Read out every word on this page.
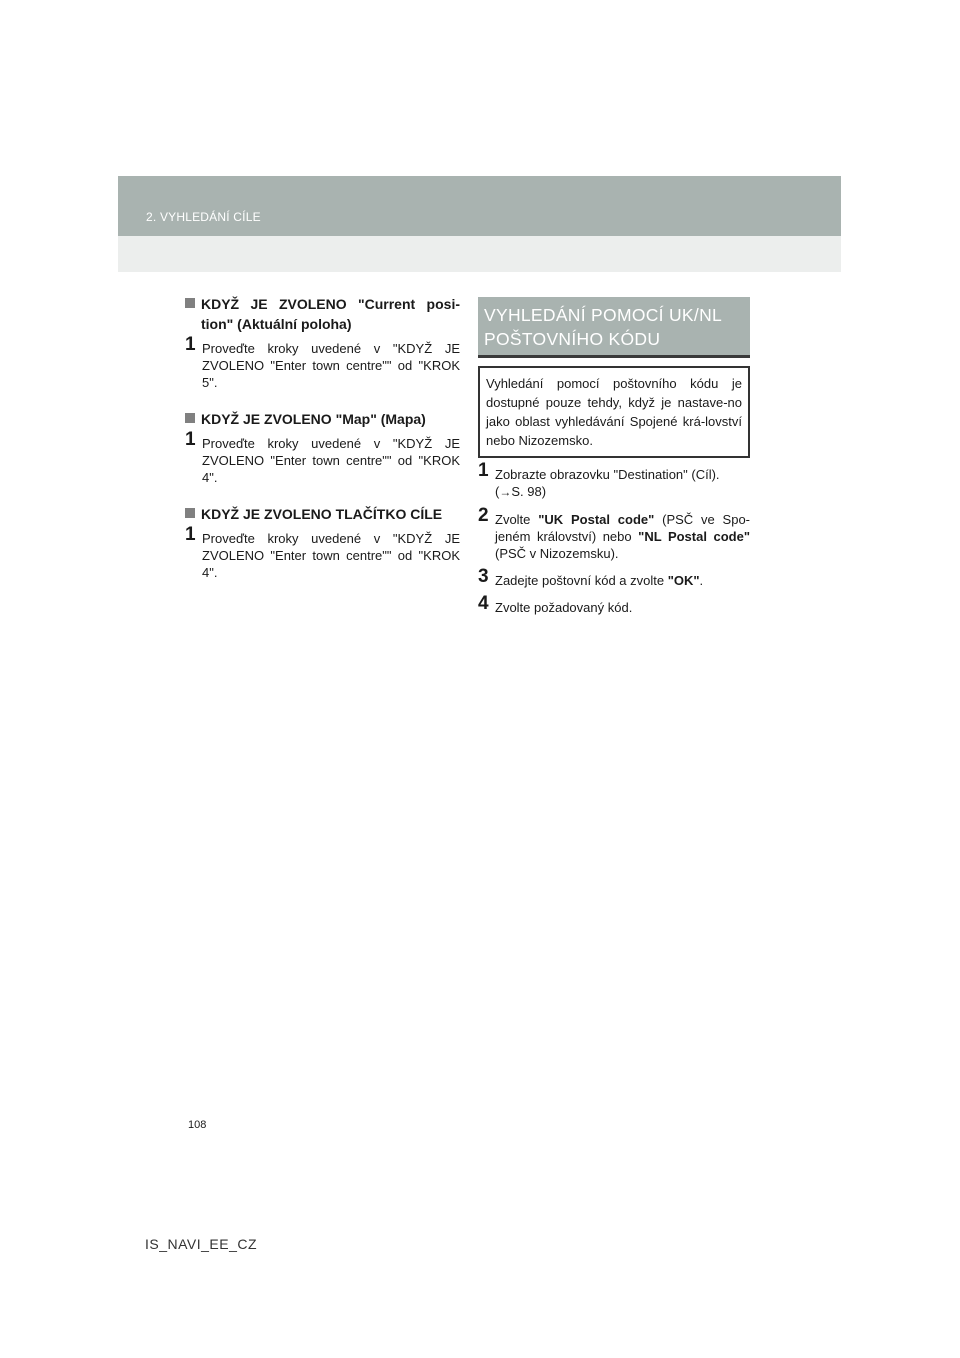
2. VYHLEDÁNÍ CÍLE
KDYŽ JE ZVOLENO "Current posi-tion" (Aktuální poloha)
1 Proveďte kroky uvedené v "KDYŽ JE ZVOLENO "Enter town centre"" od "KROK 5".
KDYŽ JE ZVOLENO "Map" (Mapa)
1 Proveďte kroky uvedené v "KDYŽ JE ZVOLENO "Enter town centre"" od "KROK 4".
KDYŽ JE ZVOLENO TLAČÍTKO CÍLE
1 Proveďte kroky uvedené v "KDYŽ JE ZVOLENO "Enter town centre"" od "KROK 4".
VYHLEDÁNÍ POMOCÍ UK/NL POŠTOVNÍHO KÓDU
Vyhledání pomocí poštovního kódu je dostupné pouze tehdy, když je nastave-no jako oblast vyhledávání Spojené krá-lovství nebo Nizozemsko.
1 Zobrazte obrazovku "Destination" (Cíl).
(→S. 98)
2 Zvolte "UK Postal code" (PSČ ve Spo-jeném království) nebo "NL Postal code" (PSČ v Nizozemsku).
3 Zadejte poštovní kód a zvolte "OK".
4 Zvolte požadovaný kód.
108
IS_NAVI_EE_CZ
